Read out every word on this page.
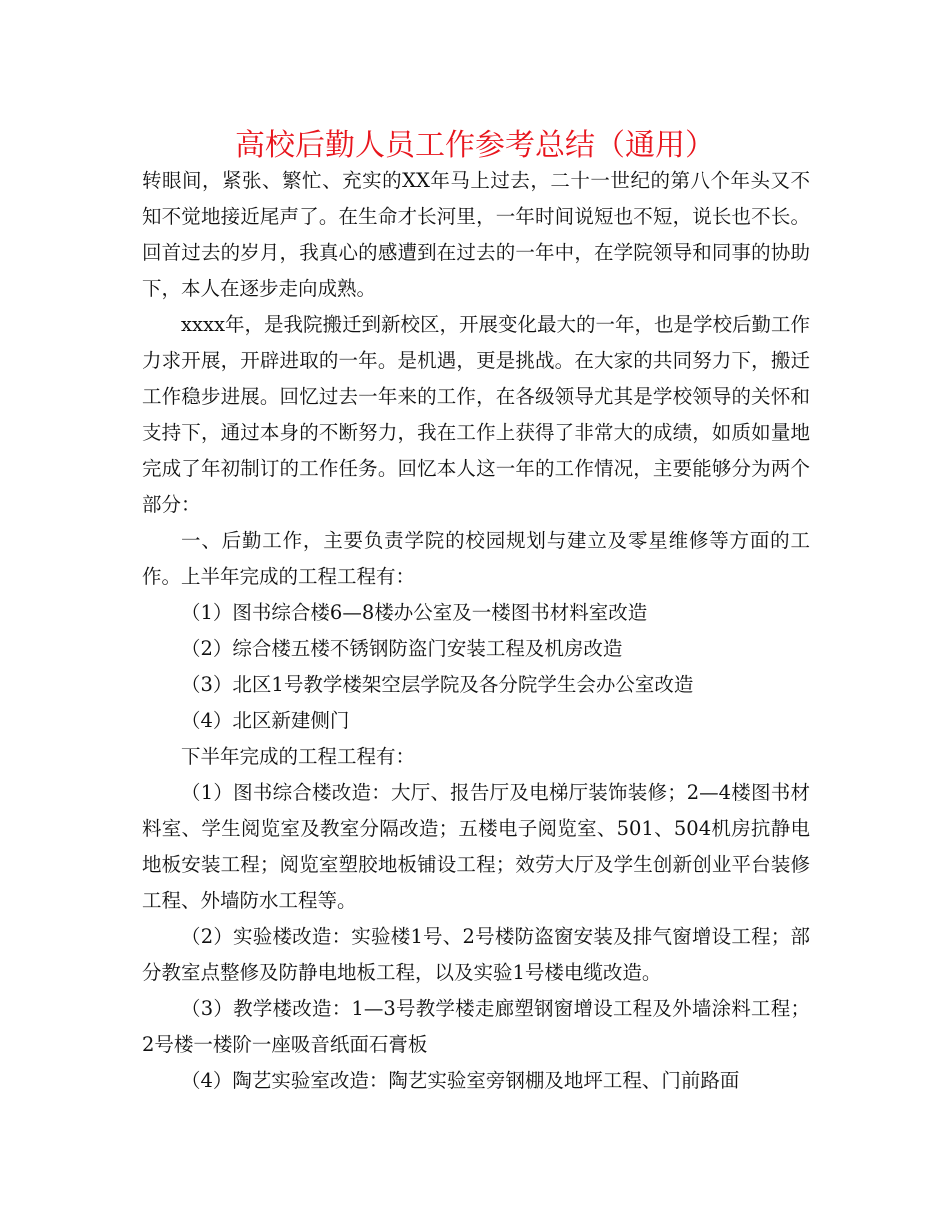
高校后勤人员工作参考总结（通用）

转眼间，紧张、繁忙、充实的XX年马上过去，二十一世纪的第八个年头又不知不觉地接近尾声了。在生命才长河里，一年时间说短也不短，说长也不长。回首过去的岁月，我真心的感遭到在过去的一年中，在学院领导和同事的协助下，本人在逐步走向成熟。

xxxx年，是我院搬迁到新校区，开展变化最大的一年，也是学校后勤工作力求开展，开辟进取的一年。是机遇，更是挑战。在大家的共同努力下，搬迁工作稳步进展。回忆过去一年来的工作，在各级领导尤其是学校领导的关怀和支持下，通过本身的不断努力，我在工作上获得了非常大的成绩，如质如量地完成了年初制订的工作任务。回忆本人这一年的工作情况，主要能够分为两个部分：

一、后勤工作，主要负责学院的校园规划与建立及零星维修等方面的工作。上半年完成的工程工程有：

（1）图书综合楼6—8楼办公室及一楼图书材料室改造

（2）综合楼五楼不锈钢防盗门安装工程及机房改造

（3）北区1号教学楼架空层学院及各分院学生会办公室改造

（4）北区新建侧门

下半年完成的工程工程有：

（1）图书综合楼改造：大厅、报告厅及电梯厅装饰装修；2—4楼图书材料室、学生阅览室及教室分隔改造；五楼电子阅览室、501、504机房抗静电地板安装工程；阅览室塑胶地板铺设工程；效劳大厅及学生创新创业平台装修工程、外墙防水工程等。

（2）实验楼改造：实验楼1号、2号楼防盗窗安装及排气窗增设工程；部分教室点整修及防静电地板工程，以及实验1号楼电缆改造。

（3）教学楼改造：1—3号教学楼走廊塑钢窗增设工程及外墙涂料工程；2号楼一楼阶一座吸音纸面石膏板

（4）陶艺实验室改造：陶艺实验室旁钢棚及地坪工程、门前路面
